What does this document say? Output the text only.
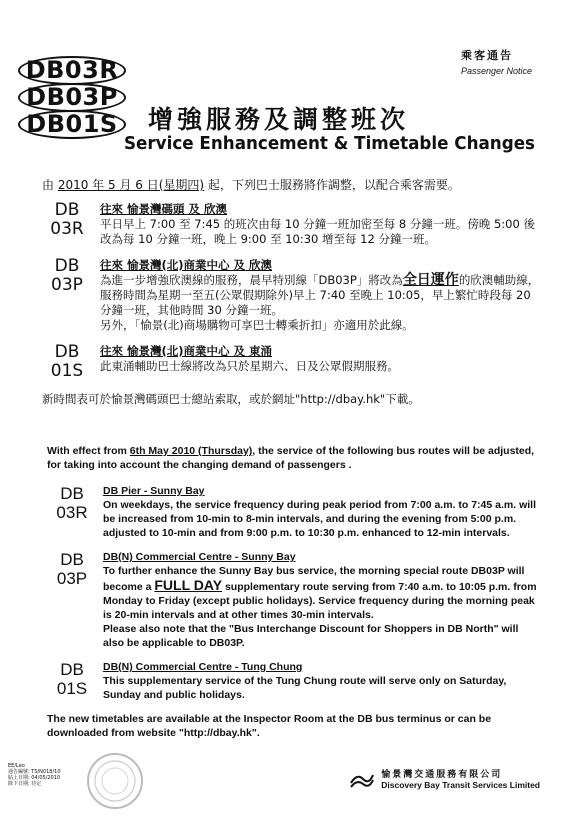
DB03R
DB03P
DB01S
乘客通告
Passenger Notice
增強服務及調整班次
Service Enhancement & Timetable Changes
由 2010 年 5 月 6 日(星期四) 起，下列巴士服務將作調整，以配合乘客需要。
DB
03R
往來 愉景灣碼頭 及 欣澳
平日早上 7:00 至 7:45 的班次由每 10 分鐘一班加密至每 8 分鐘一班。傍晚 5:00 後改為每 10 分鐘一班，晚上 9:00 至 10:30 增至每 12 分鐘一班。
DB
03P
往來 愉景灣(北)商業中心 及 欣澳
為進一步增強欣澳線的服務，晨早特別線「DB03P」將改為全日運作的欣澳輔助線，服務時間為星期一至五(公眾假期除外)早上 7:40 至晚上 10:05，早上繁忙時段每 20 分鐘一班，其他時間 30 分鐘一班。
另外，「愉景(北)商場購物可享巴士轉乘折扣」亦適用於此線。
DB
01S
往來 愉景灣(北)商業中心 及 東涌
此東涌輔助巴士線將改為只於星期六、日及公眾假期服務。
新時間表可於愉景灣碼頭巴士總站索取，或於網址"http://dbay.hk"下載。
With effect from 6th May 2010 (Thursday), the service of the following bus routes will be adjusted, for taking into account the changing demand of passengers .
DB
03R
DB Pier - Sunny Bay
On weekdays, the service frequency during peak period from 7:00 a.m. to 7:45 a.m. will be increased from 10-min to 8-min intervals, and during the evening from 5:00 p.m. adjusted to 10-min and from 9:00 p.m. to 10:30 p.m. enhanced to 12-min intervals.
DB
03P
DB(N) Commercial Centre - Sunny Bay
To further enhance the Sunny Bay bus service, the morning special route DB03P will become a FULL DAY supplementary route serving from 7:40 a.m. to 10:05 p.m. from Monday to Friday (except public holidays). Service frequency during the morning peak is 20-min intervals and at other times 30-min intervals.
Please also note that the "Bus Interchange Discount for Shoppers in DB North" will also be applicable to DB03P.
DB
01S
DB(N) Commercial Centre - Tung Chung
This supplementary service of the Tung Chung route will serve only on Saturday, Sunday and public holidays.
The new timetables are available at the Inspector Room at the DB bus terminus or can be downloaded from website "http://dbay.hk".
EE/Leo
通告編號: TS/N018/10
貼上日期: 04/05/2010
除下日期: 待定
愉景灣交通服務有限公司
Discovery Bay Transit Services Limited
